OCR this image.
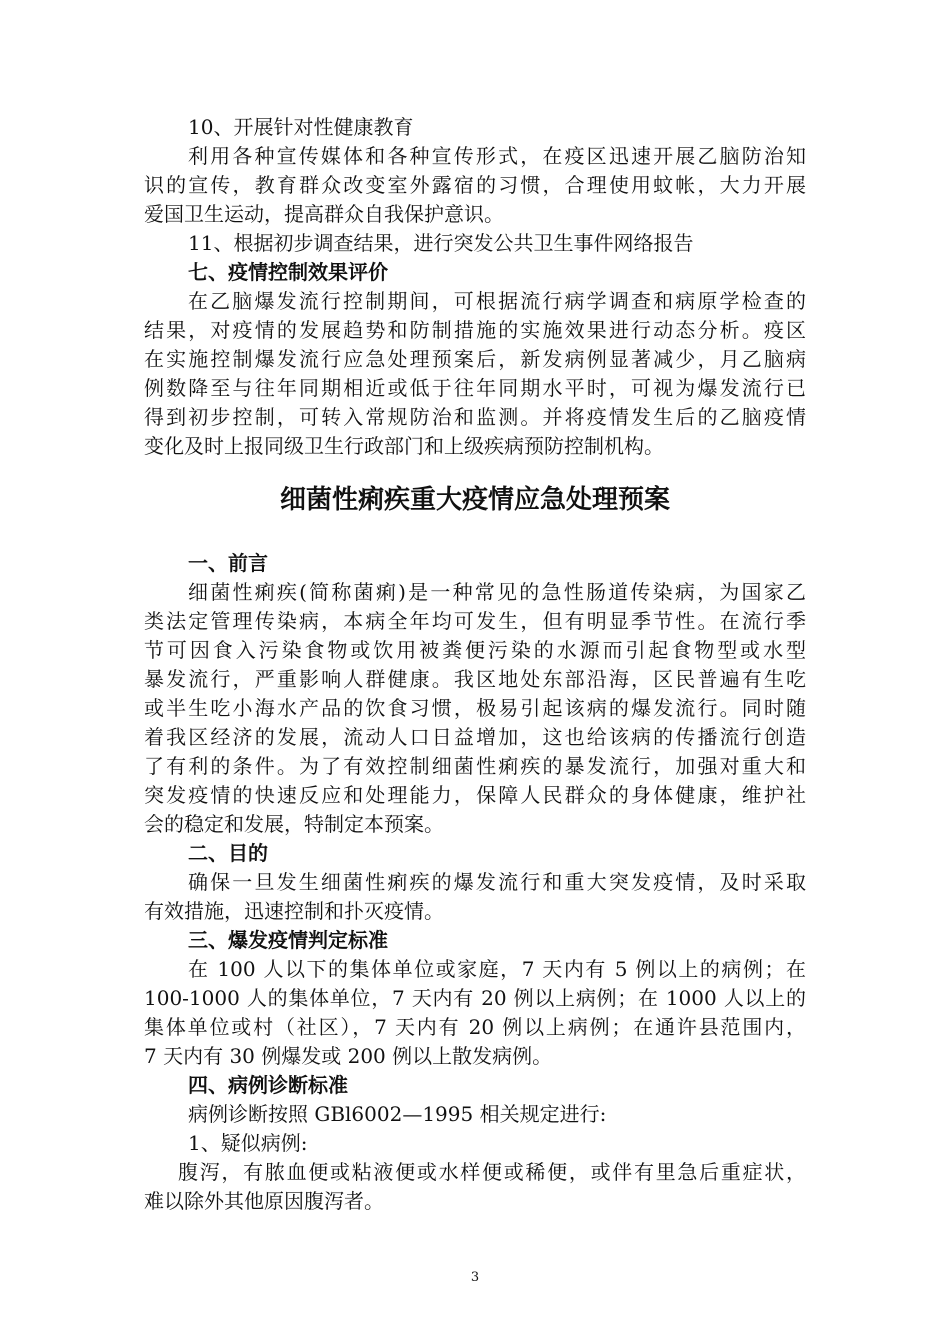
10、开展针对性健康教育
利用各种宣传媒体和各种宣传形式，在疫区迅速开展乙脑防治知
识的宣传，教育群众改变室外露宿的习惯，合理使用蚊帐，大力开展
爱国卫生运动，提高群众自我保护意识。
11、根据初步调查结果，进行突发公共卫生事件网络报告
七、疫情控制效果评价
在乙脑爆发流行控制期间，可根据流行病学调查和病原学检查的
结果，对疫情的发展趋势和防制措施的实施效果进行动态分析。疫区
在实施控制爆发流行应急处理预案后，新发病例显著减少，月乙脑病
例数降至与往年同期相近或低于往年同期水平时，可视为爆发流行已
得到初步控制，可转入常规防治和监测。并将疫情发生后的乙脑疫情
变化及时上报同级卫生行政部门和上级疾病预防控制机构。
细菌性痢疾重大疫情应急处理预案
一、前言
细菌性痢疾(简称菌痢)是一种常见的急性肠道传染病，为国家乙
类法定管理传染病，本病全年均可发生，但有明显季节性。在流行季
节可因食入污染食物或饮用被粪便污染的水源而引起食物型或水型
暴发流行，严重影响人群健康。我区地处东部沿海，区民普遍有生吃
或半生吃小海水产品的饮食习惯，极易引起该病的爆发流行。同时随
着我区经济的发展，流动人口日益增加，这也给该病的传播流行创造
了有利的条件。为了有效控制细菌性痢疾的暴发流行，加强对重大和
突发疫情的快速反应和处理能力，保障人民群众的身体健康，维护社
会的稳定和发展，特制定本预案。
二、目的
确保一旦发生细菌性痢疾的爆发流行和重大突发疫情，及时采取
有效措施，迅速控制和扑灭疫情。
三、爆发疫情判定标准
在 100 人以下的集体单位或家庭，7 天内有 5 例以上的病例；在
100-1000 人的集体单位，7 天内有 20 例以上病例；在 1000 人以上的
集体单位或村（社区），7 天内有 20 例以上病例；在通许县范围内，
7 天内有 30 例爆发或 200 例以上散发病例。
四、病例诊断标准
病例诊断按照 GBl6002—1995 相关规定进行:
1、疑似病例:
腹泻，有脓血便或粘液便或水样便或稀便，或伴有里急后重症状，
难以除外其他原因腹泻者。
3
